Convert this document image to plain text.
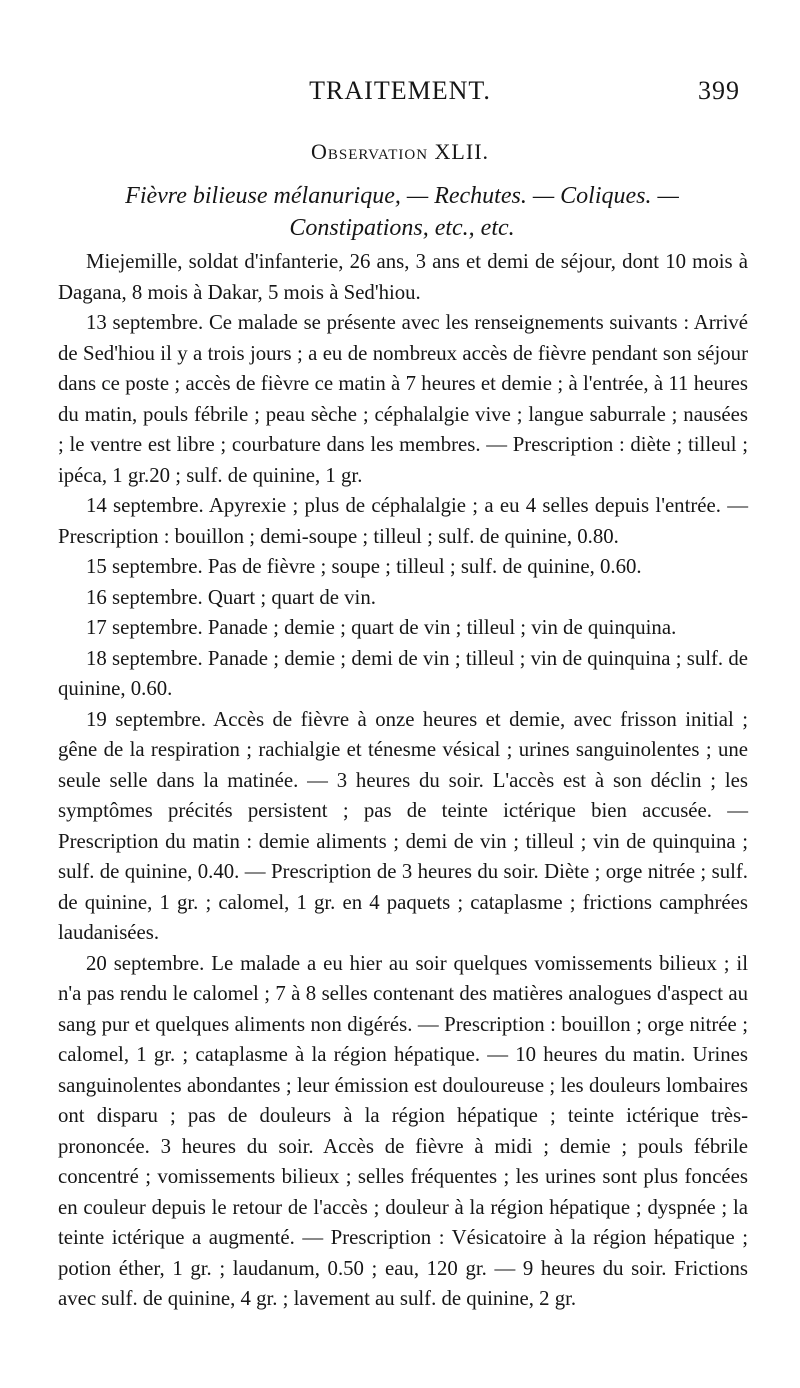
TRAITEMENT.	399
Observation XLII.
Fièvre bilieuse mélanurique, — Rechutes. — Coliques. — Constipations, etc., etc.

Miejemille, soldat d'infanterie, 26 ans, 3 ans et demi de séjour, dont 10 mois à Dagana, 8 mois à Dakar, 5 mois à Sed'hiou.

13 septembre. Ce malade se présente avec les renseignements suivants : Arrivé de Sed'hiou il y a trois jours ; a eu de nombreux accès de fièvre pendant son séjour dans ce poste ; accès de fièvre ce matin à 7 heures et demie ; à l'entrée, à 11 heures du matin, pouls fébrile ; peau sèche ; céphalalgie vive ; langue saburrale ; nausées ; le ventre est libre ; courbature dans les membres. — Prescription : diète ; tilleul ; ipéca, 1 gr.20 ; sulf. de quinine, 1 gr.

14 septembre. Apyrexie ; plus de céphalalgie ; a eu 4 selles depuis l'entrée. — Prescription : bouillon ; demi-soupe ; tilleul ; sulf. de quinine, 0.80.

15 septembre. Pas de fièvre ; soupe ; tilleul ; sulf. de quinine, 0.60.

16 septembre. Quart ; quart de vin.

17 septembre. Panade ; demie ; quart de vin ; tilleul ; vin de quinquina.

18 septembre. Panade ; demie ; demi de vin ; tilleul ; vin de quinquina ; sulf. de quinine, 0.60.

19 septembre. Accès de fièvre à onze heures et demie, avec frisson initial ; gêne de la respiration ; rachialgie et ténesme vésical ; urines sanguinolentes ; une seule selle dans la matinée. — 3 heures du soir. L'accès est à son déclin ; les symptômes précités persistent ; pas de teinte ictérique bien accusée. — Prescription du matin : demie aliments ; demi de vin ; tilleul ; vin de quinquina ; sulf. de quinine, 0.40. — Prescription de 3 heures du soir. Diète ; orge nitrée ; sulf. de quinine, 1 gr. ; calomel, 1 gr. en 4 paquets ; cataplasme ; frictions camphrées laudanisées.

20 septembre. Le malade a eu hier au soir quelques vomissements bilieux ; il n'a pas rendu le calomel ; 7 à 8 selles contenant des matières analogues d'aspect au sang pur et quelques aliments non digérés. — Prescription : bouillon ; orge nitrée ; calomel, 1 gr. ; cataplasme à la région hépatique. — 10 heures du matin. Urines sanguinolentes abondantes ; leur émission est douloureuse ; les douleurs lombaires ont disparu ; pas de douleurs à la région hépatique ; teinte ictérique très-prononcée. 3 heures du soir. Accès de fièvre à midi ; demie ; pouls fébrile concentré ; vomissements bilieux ; selles fréquentes ; les urines sont plus foncées en couleur depuis le retour de l'accès ; douleur à la région hépatique ; dyspnée ; la teinte ictérique a augmenté. — Prescription : Vésicatoire à la région hépatique ; potion éther, 1 gr. ; laudanum, 0.50 ; eau, 120 gr. — 9 heures du soir. Frictions avec sulf. de quinine, 4 gr. ; lavement au sulf. de quinine, 2 gr.
